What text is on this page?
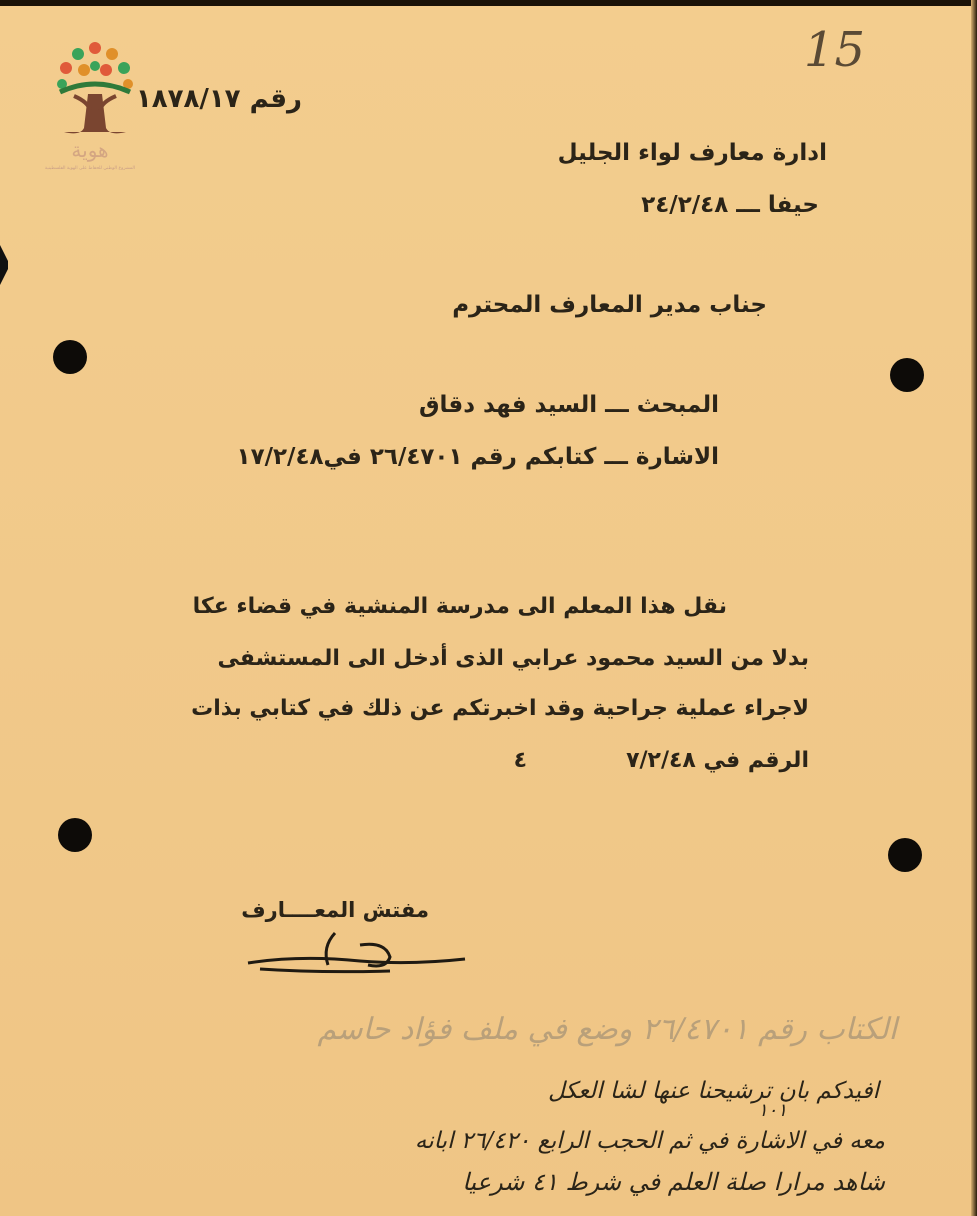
هوية
المشروع الوطني للحفاظ على الهوية الفلسطينية
15
رقم ١٨٧٨/١٧
ادارة معارف لواء الجليل
حيفا ـــ ٢٤/٢/٤٨
جناب مدير المعارف المحترم
المبحث ـــ السيد فهد دقاق
الاشارة ـــ كتابكم رقم ٢٦/٤٧٠١ في١٧/٢/٤٨
نقل هذا المعلم الى مدرسة المنشية في قضاء عكا
بدلا من السيد محمود عرابي الذى أدخل الى المستشفى
لاجراء عملية جراحية وقد اخبرتكم عن ذلك في كتابي بذات
الرقم في ٧/٢/٤٨
٤
مفتش المعــــارف
الكتاب رقم ٢٦/٤٧٠١ وضع في ملف فؤاد حاسم
افيدكم بان ترشيحنا عنها لشا العكل
١٠١
معه في الاشارة في ثم الحجب الرابع ٢٦/٤٢٠ ابانه
شاهد مرارا صلة العلم في شرط ٤١ شرعيا
